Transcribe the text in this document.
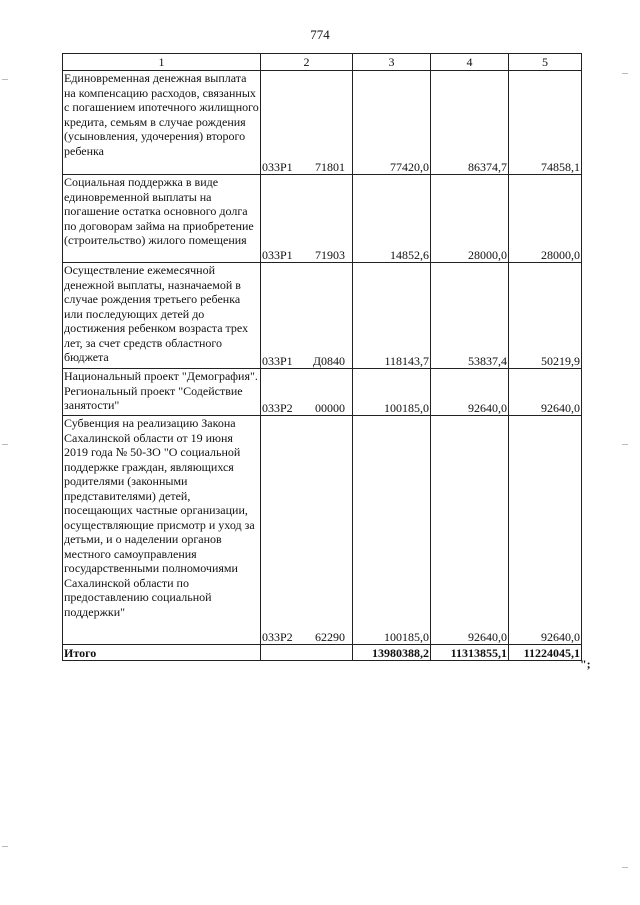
774
1	2	3	4	5
Единовременная денежная выплата на компенсацию расходов, связанных с погашением ипотечного жилищного кредита, семьям в случае рождения (усыновления, удочерения) второго ребенка	033P1 71801	77420,0	86374,7	74858,1
Социальная поддержка в виде единовременной выплаты на погашение остатка основного долга по договорам займа на приобретение (строительство) жилого помещения	033P1 71903	14852,6	28000,0	28000,0
Осуществление ежемесячной денежной выплаты, назначаемой в случае рождения третьего ребенка или последующих детей до достижения ребенком возраста трех лет, за счет средств областного бюджета	033P1 Д0840	118143,7	53837,4	50219,9
Национальный проект "Демография". Региональный проект "Содействие занятости"	033P2 00000	100185,0	92640,0	92640,0
Субвенция на реализацию Закона Сахалинской области от 19 июня 2019 года № 50-ЗО "О социальной поддержке граждан, являющихся родителями (законными представителями) детей, посещающих частные организации, осуществляющие присмотр и уход за детьми, и о наделении органов местного самоуправления государственными полномочиями Сахалинской области по предоставлению социальной поддержки"	033P2 62290	100185,0	92640,0	92640,0
Итого		13980388,2	11313855,1	11224045,1
";
